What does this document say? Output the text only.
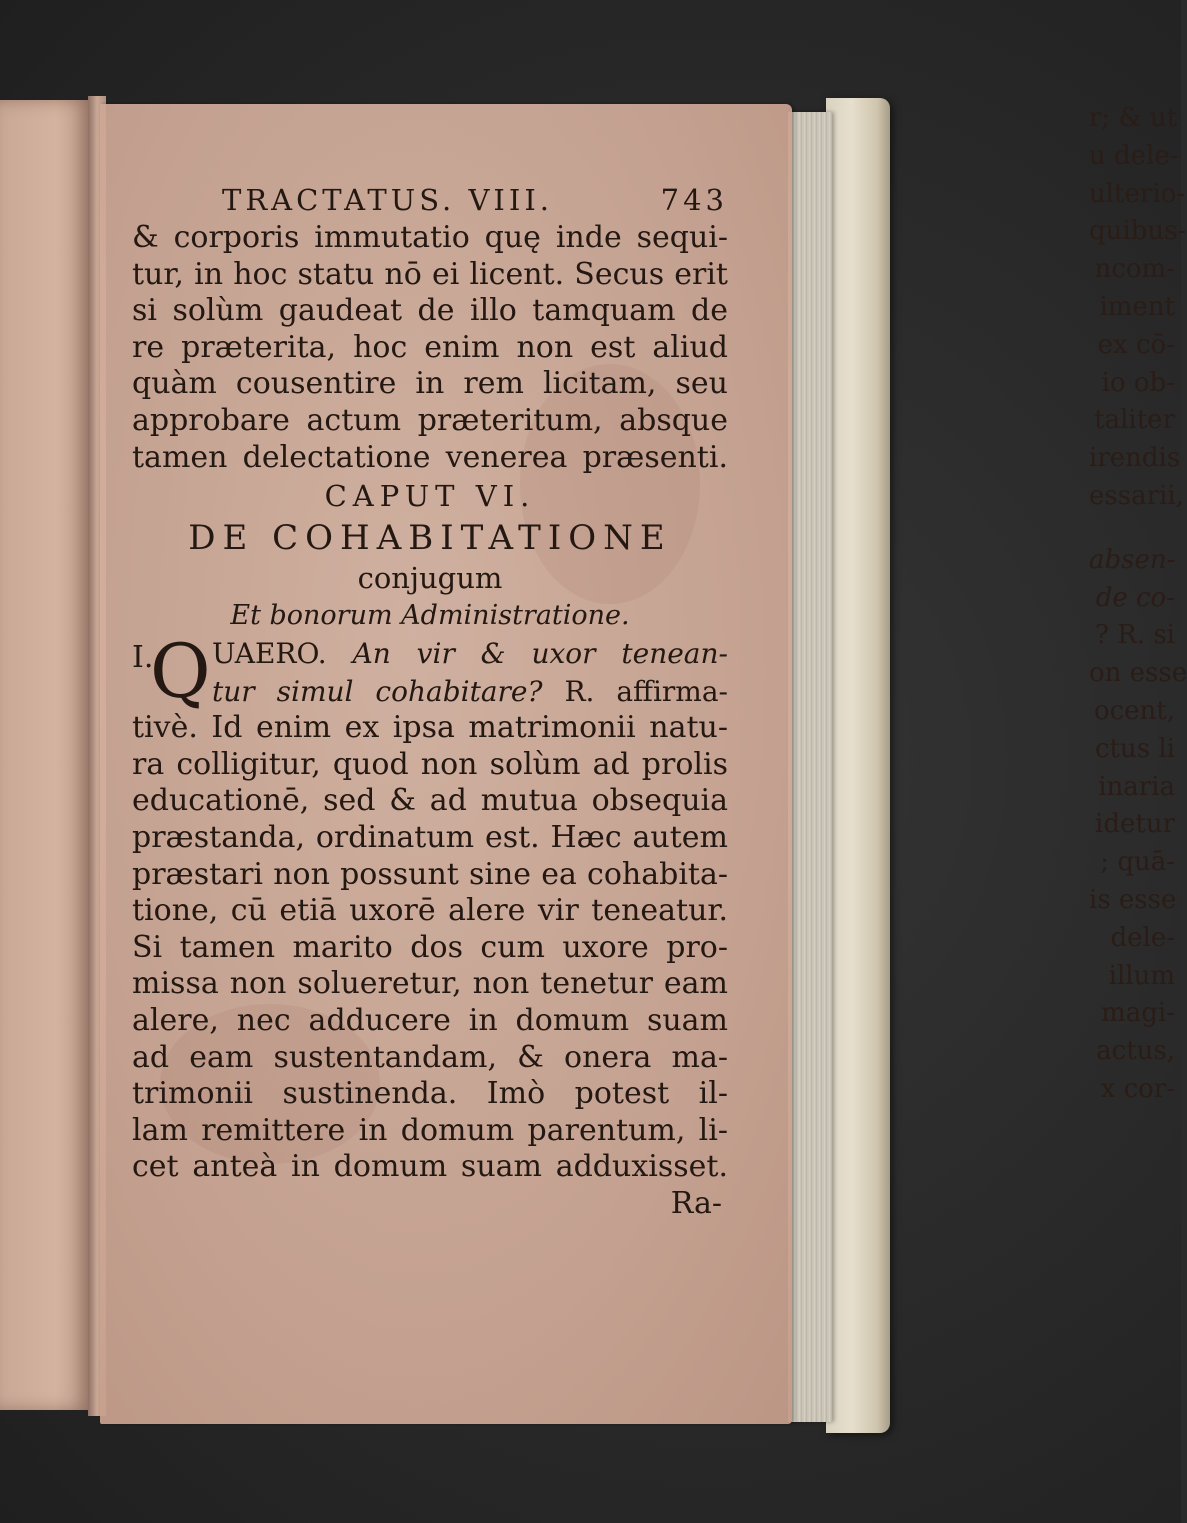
r; & ut
u dele-
ulterio-
quibus-
ncom-
iment
ex cō-
io ob-
taliter
irendis
essarii,
absen-
de co-
? R. si
on esse
ocent,
ctus li
inaria
idetur
; quā-
is esse
dele-
illum
magi-
actus,
x cor-
TRACTATUS. VIII.	743
& corporis immutatio quę inde sequi-
tur, in hoc statu nō ei licent. Secus erit
si solùm gaudeat de illo tamquam de
re præterita, hoc enim non est aliud
quàm cousentire in rem licitam, seu
approbare actum præteritum, absque
tamen delectatione venerea præsenti.
CAPUT VI.
DE COHABITATIONE
conjugum
Et bonorum Administratione.
I.
Q UAERO. An vir & uxor tenean-
tur simul cohabitare? R. affirma-
tivè. Id enim ex ipsa matrimonii natu-
ra colligitur, quod non solùm ad prolis
educationē, sed & ad mutua obsequia
præstanda, ordinatum est. Hæc autem
præstari non possunt sine ea cohabita-
tione, cū etiā uxorē alere vir teneatur.
Si tamen marito dos cum uxore pro-
missa non solueretur, non tenetur eam
alere, nec adducere in domum suam
ad eam sustentandam, & onera ma-
trimonii sustinenda. Imò potest il-
lam remittere in domum parentum, li-
cet anteà in domum suam adduxisset.
Ra-
